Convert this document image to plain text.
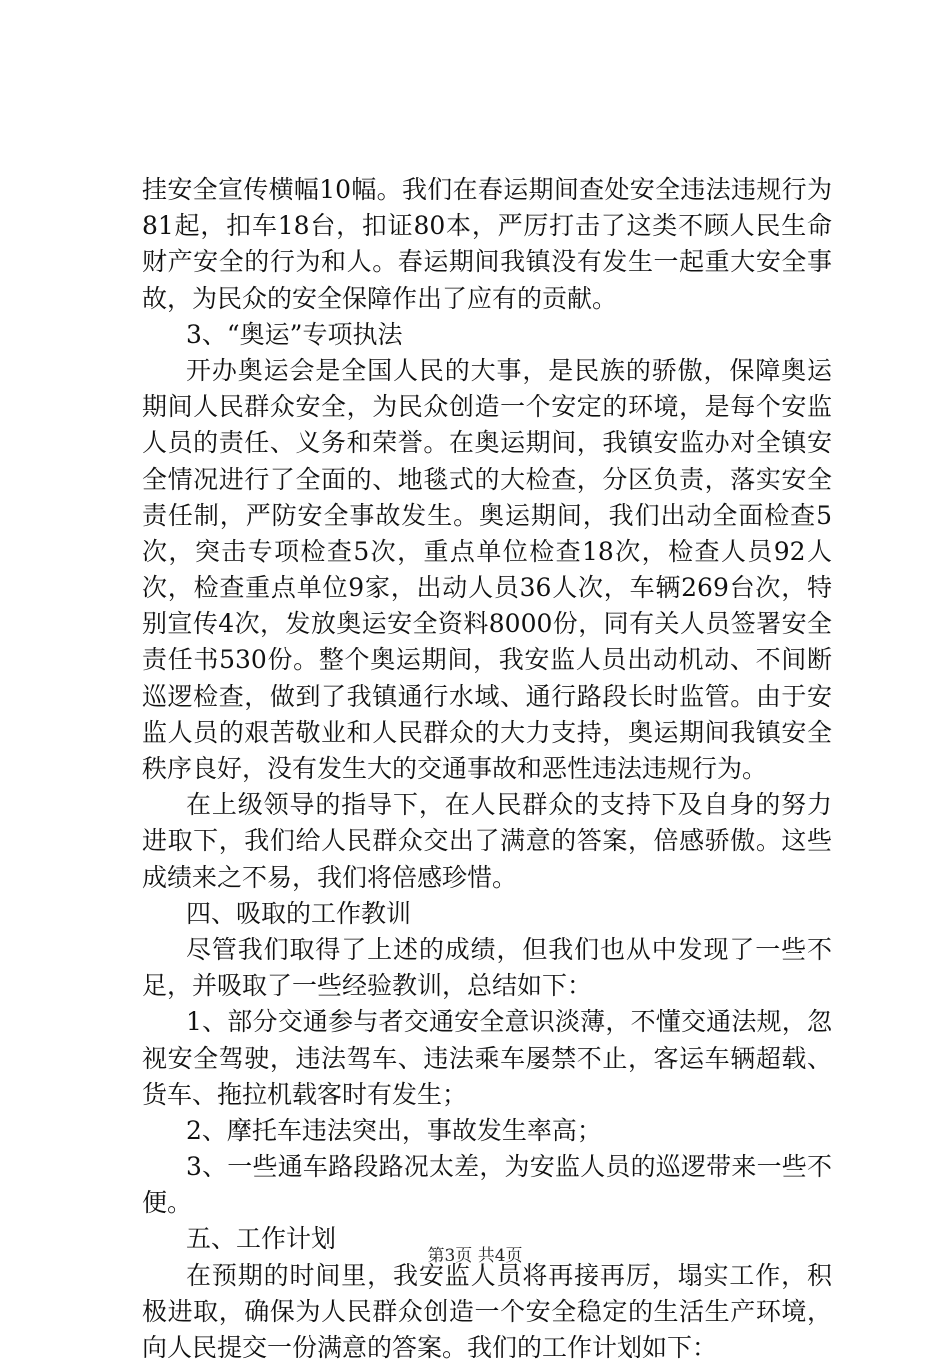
挂安全宣传横幅10幅。我们在春运期间查处安全违法违规行为
81起，扣车18台，扣证80本，严厉打击了这类不顾人民生命
财产安全的行为和人。春运期间我镇没有发生一起重大安全事
故，为民众的安全保障作出了应有的贡献。
3、“奥运”专项执法
开办奥运会是全国人民的大事，是民族的骄傲，保障奥运
期间人民群众安全，为民众创造一个安定的环境，是每个安监
人员的责任、义务和荣誉。在奥运期间，我镇安监办对全镇安
全情况进行了全面的、地毯式的大检查，分区负责，落实安全
责任制，严防安全事故发生。奥运期间，我们出动全面检查5
次，突击专项检查5次，重点单位检查18次，检查人员92人
次，检查重点单位9家，出动人员36人次，车辆269台次，特
别宣传4次，发放奥运安全资料8000份，同有关人员签署安全
责任书530份。整个奥运期间，我安监人员出动机动、不间断
巡逻检查，做到了我镇通行水域、通行路段长时监管。由于安
监人员的艰苦敬业和人民群众的大力支持，奥运期间我镇安全
秩序良好，没有发生大的交通事故和恶性违法违规行为。
在上级领导的指导下，在人民群众的支持下及自身的努力
进取下，我们给人民群众交出了满意的答案，倍感骄傲。这些
成绩来之不易，我们将倍感珍惜。
四、吸取的工作教训
尽管我们取得了上述的成绩，但我们也从中发现了一些不
足，并吸取了一些经验教训，总结如下：
1、部分交通参与者交通安全意识淡薄，不懂交通法规，忽
视安全驾驶，违法驾车、违法乘车屡禁不止，客运车辆超载、
货车、拖拉机载客时有发生；
2、摩托车违法突出，事故发生率高；
3、一些通车路段路况太差，为安监人员的巡逻带来一些不
便。
五、工作计划
在预期的时间里，我安监人员将再接再厉，塌实工作，积
极进取，确保为人民群众创造一个安全稳定的生活生产环境，
向人民提交一份满意的答案。我们的工作计划如下：
第3页 共4页
